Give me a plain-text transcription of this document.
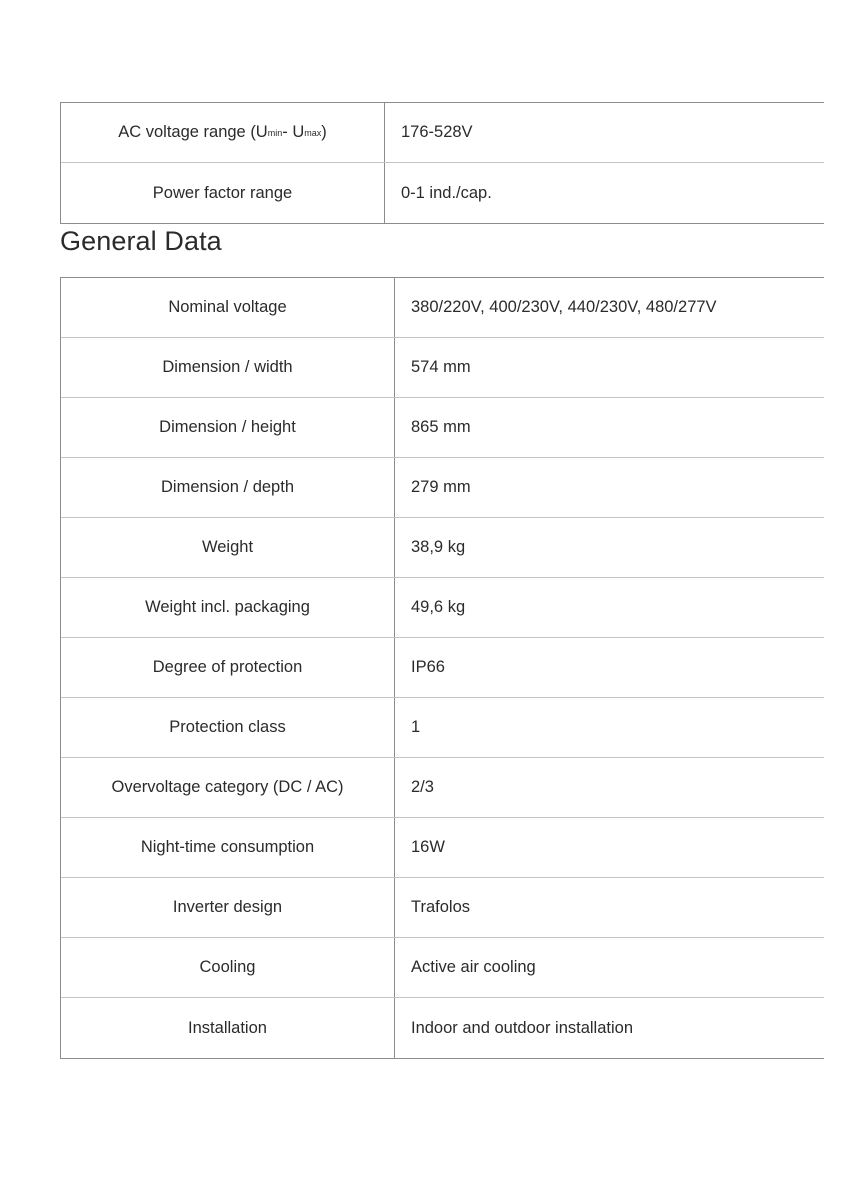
AC voltage range (U min - U max )	176-528V
Power factor range	0-1 ind./cap.
General Data
Nominal voltage	380/220V, 400/230V, 440/230V, 480/277V
Dimension / width	574 mm
Dimension / height	865 mm
Dimension / depth	279 mm
Weight	38,9 kg
Weight incl. packaging	49,6 kg
Degree of protection	IP66
Protection class	1
Overvoltage category (DC / AC)	2/3
Night-time consumption	16W
Inverter design	Trafolos
Cooling	Active air cooling
Installation	Indoor and outdoor installation
